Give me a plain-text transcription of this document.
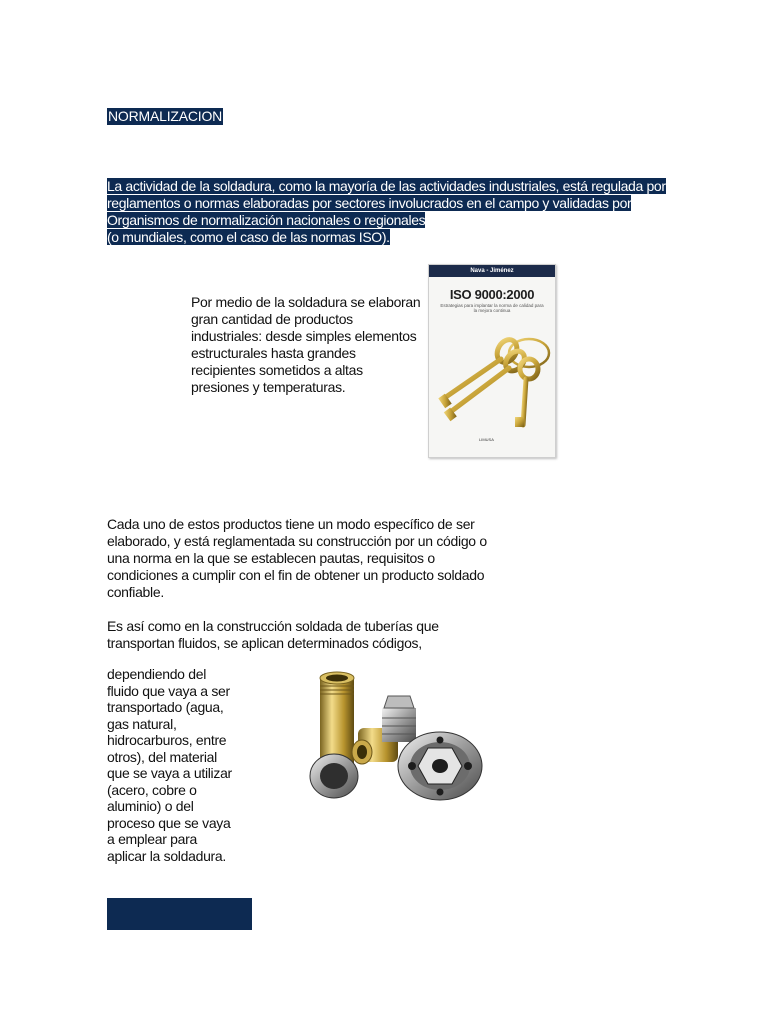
NORMALIZACION
La actividad de la soldadura, como la mayoría de las actividades industriales, está regulada por
reglamentos o normas elaboradas por sectores involucrados en el campo y validadas por
Organismos de normalización nacionales o regionales
(o mundiales, como el caso de las normas ISO).
Por medio de la soldadura se elaboran gran cantidad de productos industriales: desde simples elementos estructurales hasta grandes recipientes sometidos a altas presiones y temperaturas.
Nava - Jiménez
ISO 9000:2000
Estrategias para implantar la norma de calidad para la mejora continua
LIMUSA
Cada uno de estos productos tiene un modo específico de ser elaborado, y está reglamentada su construcción por un código o una norma en la que se establecen pautas, requisitos o condiciones a cumplir con el fin de obtener un producto soldado confiable.
Es así como en la construcción soldada de tuberías que transportan fluidos, se aplican determinados códigos,
dependiendo del fluido que vaya a ser transportado (agua, gas natural, hidrocarburos, entre otros), del material que se vaya a utilizar (acero, cobre o aluminio) o del proceso que se vaya a emplear para aplicar la soldadura.
